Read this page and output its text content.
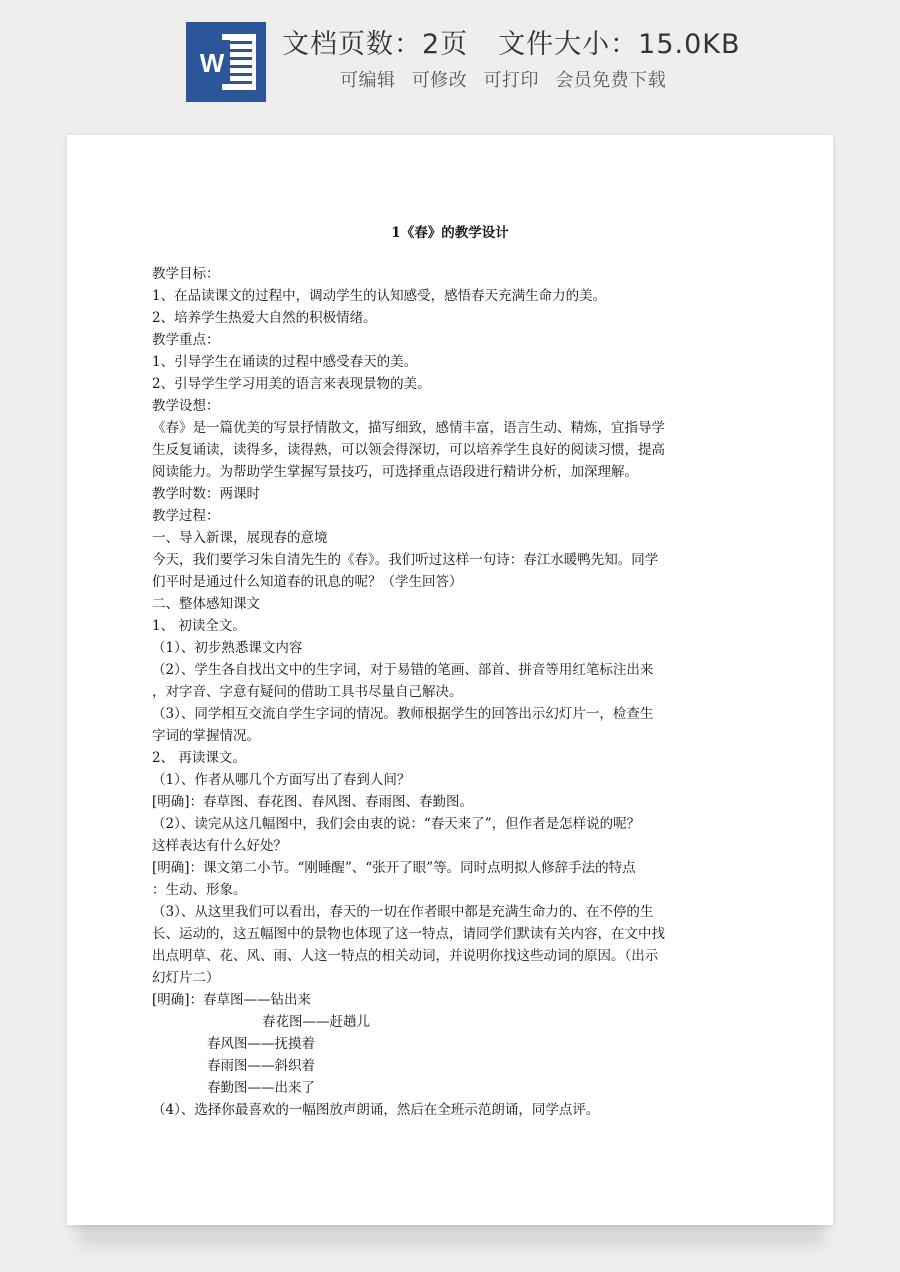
W
文档页数：2页 文件大小：15.0KB
可编辑 可修改 可打印 会员免费下载
1《春》的教学设计
教学目标：
1、在品读课文的过程中，调动学生的认知感受，感悟春天充满生命力的美。
2、培养学生热爱大自然的积极情绪。
教学重点：
1、引导学生在诵读的过程中感受春天的美。
2、引导学生学习用美的语言来表现景物的美。
教学设想：
《春》是一篇优美的写景抒情散文，描写细致，感情丰富，语言生动、精炼，宜指导学
生反复诵读，读得多，读得熟，可以领会得深切，可以培养学生良好的阅读习惯，提高
阅读能力。为帮助学生掌握写景技巧，可选择重点语段进行精讲分析，加深理解。
教学时数：两课时
教学过程：
一、导入新课，展现春的意境
今天，我们要学习朱自清先生的《春》。我们听过这样一句诗：春江水暖鸭先知。同学
们平时是通过什么知道春的讯息的呢？（学生回答）
二、整体感知课文
1、 初读全文。
（1）、初步熟悉课文内容
（2）、学生各自找出文中的生字词，对于易错的笔画、部首、拼音等用红笔标注出来
，对字音、字意有疑问的借助工具书尽量自己解决。
（3）、同学相互交流自学生字词的情况。教师根据学生的回答出示幻灯片一，检查生
字词的掌握情况。
2、 再读课文。
（1）、作者从哪几个方面写出了春到人间？
[明确]：春草图、春花图、春风图、春雨图、春勤图。
（2）、读完从这几幅图中，我们会由衷的说：“春天来了”，但作者是怎样说的呢？
这样表达有什么好处？
[明确]：课文第二小节。“刚睡醒”、“张开了眼”等。同时点明拟人修辞手法的特点
：生动、形象。
（3）、从这里我们可以看出，春天的一切在作者眼中都是充满生命力的、在不停的生
长、运动的，这五幅图中的景物也体现了这一特点，请同学们默读有关内容，在文中找
出点明草、花、风、雨、人这一特点的相关动词，并说明你找这些动词的原因。（出示
幻灯片二）
[明确]：春草图——钻出来
春花图——赶趟儿
春风图——抚摸着
春雨图——斜织着
春勤图——出来了
（4）、选择你最喜欢的一幅图放声朗诵，然后在全班示范朗诵，同学点评。
